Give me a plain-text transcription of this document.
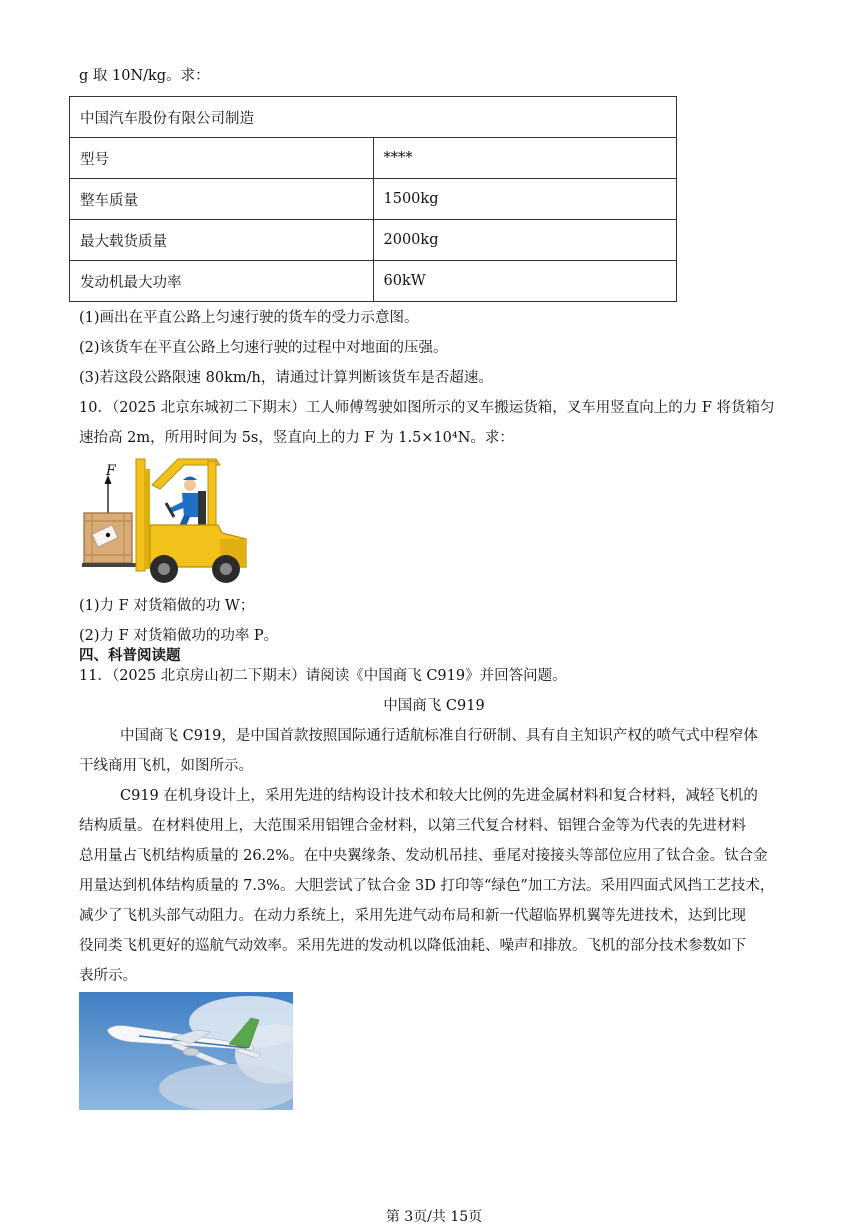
g 取 10N/kg。求：
中国汽车股份有限公司制造	
型号	****
整车质量	1500kg
最大载货质量	2000kg
发动机最大功率	60kW
(1)画出在平直公路上匀速行驶的货车的受力示意图。
(2)该货车在平直公路上匀速行驶的过程中对地面的压强。
(3)若这段公路限速 80km/h，请通过计算判断该货车是否超速。
10．（2025 北京东城初二下期末）工人师傅驾驶如图所示的叉车搬运货箱，叉车用竖直向上的力 F 将货箱匀
速抬高 2m，所用时间为 5s，竖直向上的力 F 为 1.5×10⁴N。求：
F
(1)力 F 对货箱做的功 W；
(2)力 F 对货箱做功的功率 P。
四、科普阅读题
11．（2025 北京房山初二下期末）请阅读《中国商飞 C919》并回答问题。
中国商飞 C919
中国商飞 C919，是中国首款按照国际通行适航标准自行研制、具有自主知识产权的喷气式中程窄体
干线商用飞机，如图所示。
C919 在机身设计上，采用先进的结构设计技术和较大比例的先进金属材料和复合材料，减轻飞机的
结构质量。在材料使用上，大范围采用铝锂合金材料，以第三代复合材料、铝锂合金等为代表的先进材料
总用量占飞机结构质量的 26.2%。在中央翼缘条、发动机吊挂、垂尾对接接头等部位应用了钛合金。钛合金
用量达到机体结构质量的 7.3%。大胆尝试了钛合金 3D 打印等“绿色”加工方法。采用四面式风挡工艺技术，
减少了飞机头部气动阻力。在动力系统上，采用先进气动布局和新一代超临界机翼等先进技术，达到比现
役同类飞机更好的巡航气动效率。采用先进的发动机以降低油耗、噪声和排放。飞机的部分技术参数如下
表所示。
第 3页/共 15页
